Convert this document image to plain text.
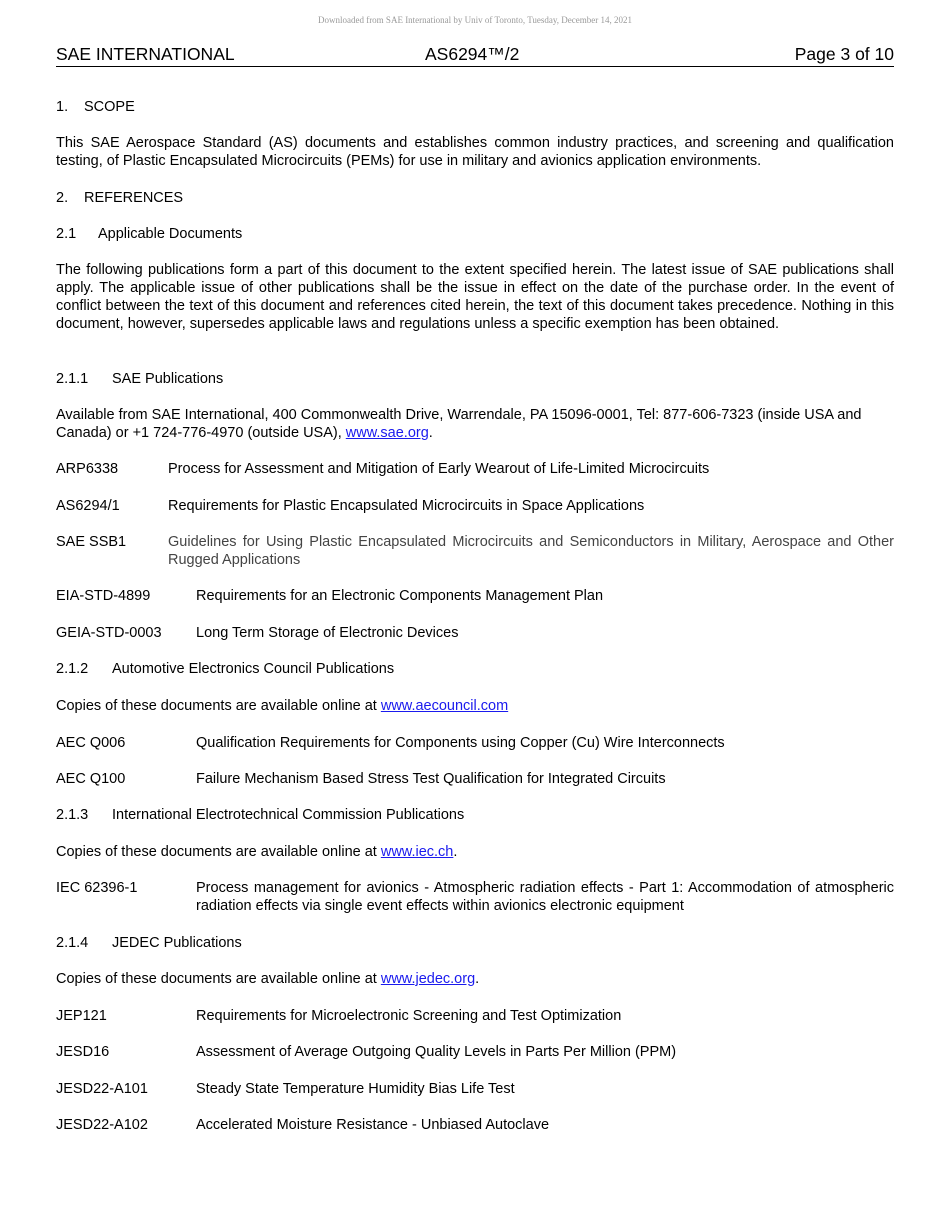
Downloaded from SAE International by Univ of Toronto, Tuesday, December 14, 2021
SAE INTERNATIONAL	AS6294™/2	Page 3 of 10
1. SCOPE
This SAE Aerospace Standard (AS) documents and establishes common industry practices, and screening and qualification testing, of Plastic Encapsulated Microcircuits (PEMs) for use in military and avionics application environments.
2. REFERENCES
2.1 Applicable Documents
The following publications form a part of this document to the extent specified herein. The latest issue of SAE publications shall apply. The applicable issue of other publications shall be the issue in effect on the date of the purchase order. In the event of conflict between the text of this document and references cited herein, the text of this document takes precedence. Nothing in this document, however, supersedes applicable laws and regulations unless a specific exemption has been obtained.
2.1.1 SAE Publications
Available from SAE International, 400 Commonwealth Drive, Warrendale, PA 15096-0001, Tel: 877-606-7323 (inside USA and Canada) or +1 724-776-4970 (outside USA), www.sae.org.
ARP6338	Process for Assessment and Mitigation of Early Wearout of Life-Limited Microcircuits
AS6294/1	Requirements for Plastic Encapsulated Microcircuits in Space Applications
SAE SSB1	Guidelines for Using Plastic Encapsulated Microcircuits and Semiconductors in Military, Aerospace and Other Rugged Applications
EIA-STD-4899	Requirements for an Electronic Components Management Plan
GEIA-STD-0003 Long Term Storage of Electronic Devices
2.1.2 Automotive Electronics Council Publications
Copies of these documents are available online at www.aecouncil.com
AEC Q006	Qualification Requirements for Components using Copper (Cu) Wire Interconnects
AEC Q100	Failure Mechanism Based Stress Test Qualification for Integrated Circuits
2.1.3 International Electrotechnical Commission Publications
Copies of these documents are available online at www.iec.ch.
IEC 62396-1	Process management for avionics - Atmospheric radiation effects - Part 1: Accommodation of atmospheric radiation effects via single event effects within avionics electronic equipment
2.1.4 JEDEC Publications
Copies of these documents are available online at www.jedec.org.
JEP121	Requirements for Microelectronic Screening and Test Optimization
JESD16	Assessment of Average Outgoing Quality Levels in Parts Per Million (PPM)
JESD22-A101	Steady State Temperature Humidity Bias Life Test
JESD22-A102	Accelerated Moisture Resistance - Unbiased Autoclave
